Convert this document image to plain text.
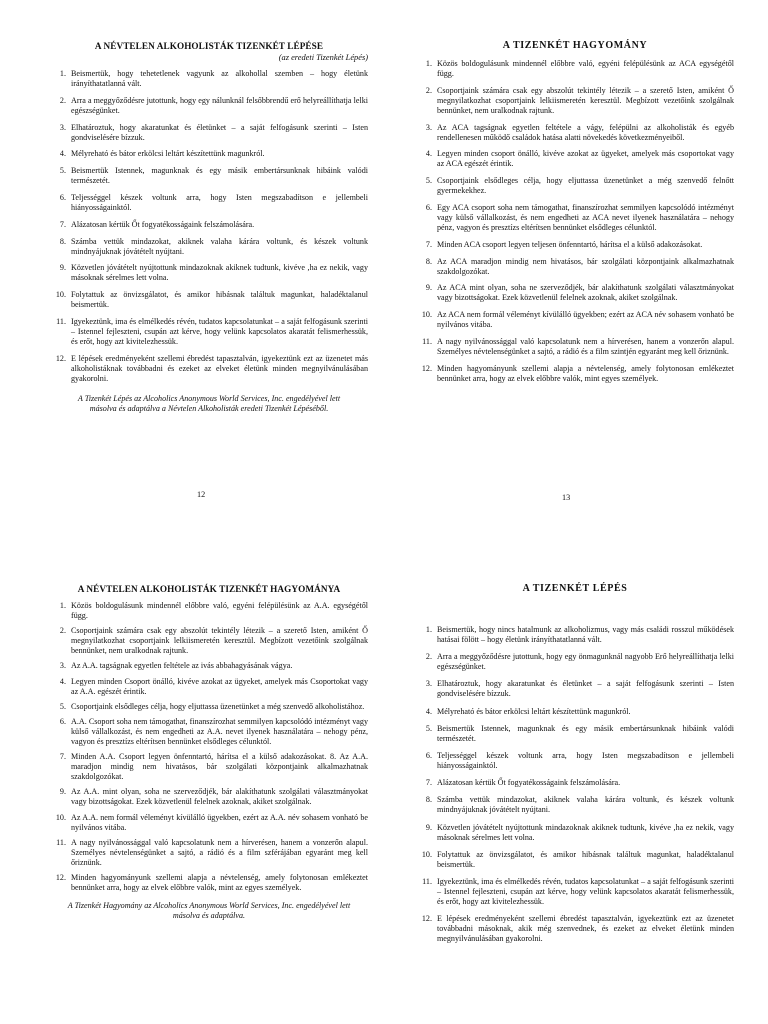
A NÉVTELEN ALKOHOLISTÁK TIZENKÉT LÉPÉSE

(az eredeti Tizenkét Lépés)

1. Beismertük, hogy tehetetlenek vagyunk az alkohollal szemben – hogy életünk irányíthatatlanná vált.
2. Arra a meggyőződésre jutottunk, hogy egy nálunknál felsőbbrendű erő helyreállíthatja lelki egészségünket.
3. Elhatároztuk, hogy akaratunkat és életünket – a saját felfogásunk szerinti – Isten gondviselésére bízzuk.
4. Mélyreható és bátor erkölcsi leltárt készítettünk magunkról.
5. Beismertük Istennek, magunknak és egy másik embertársunknak hibáink valódi természetét.
6. Teljességgel készek voltunk arra, hogy Isten megszabadítson e jellembeli hiányosságainktól.
7. Alázatosan kértük Őt fogyatékosságaink felszámolására.
8. Számba vettük mindazokat, akiknek valaha kárára voltunk, és készek voltunk mindnyájuknak jóvátételt nyújtani.
9. Közvetlen jóvátételt nyújtottunk mindazoknak akiknek tudtunk, kivéve ,ha ez nekik, vagy másoknak sérelmes lett volna.
10. Folytattuk az önvizsgálatot, és amikor hibásnak találtuk magunkat, haladéktalanul beismertük.
11. Igyekeztünk, ima és elmélkedés révén, tudatos kapcsolatunkat – a saját felfogásunk szerinti – Istennel fejleszteni, csupán azt kérve, hogy velünk kapcsolatos akaratát felismerhessük, és erőt, hogy azt kivitelezhessük.
12. E lépések eredményeként szellemi ébredést tapasztalván, igyekeztünk ezt az üzenetet más alkoholistáknak továbbadni és ezeket az elveket életünk minden megnyilvánulásában gyakorolni.

A Tizenkét Lépés az Alcoholics Anonymous World Services, Inc. engedélyével lett másolva és adaptálva a Névtelen Alkoholisták eredeti Tizenkét Lépéséből.

12
A TIZENKÉT HAGYOMÁNY
1. Közös boldogulásunk mindennél előbbre való, egyéni felépülésünk az ACA egységétől függ.
2. Csoportjaink számára csak egy abszolút tekintély létezik – a szerető Isten, amiként Ő megnyilatkozhat csoportjaink lelkiismeretén keresztül. Megbízott vezetőink szolgálnak bennünket, nem uralkodnak rajtunk.
3. Az ACA tagságnak egyetlen feltétele a vágy, felépülni az alkoholisták és egyéb rendellenesen működő családok hatása alatti növekedés következményeiből.
4. Legyen minden csoport önálló, kivéve azokat az ügyeket, amelyek más csoportokat vagy az ACA egészét érintik.
5. Csoportjaink elsődleges célja, hogy eljuttassa üzenetünket a még szenvedő felnőtt gyermekekhez.
6. Egy ACA csoport soha nem támogathat, finanszírozhat semmilyen kapcsolódó intézményt vagy külső vállalkozást, és nem engedheti az ACA nevet ilyenek használatára – nehogy pénz, vagyon és presztízs eltérítsen bennünket elsődleges célunktól.
7. Minden ACA csoport legyen teljesen önfenntartó, hárítsa el a külső adakozásokat.
8. Az ACA maradjon mindig nem hivatásos, bár szolgálati központjaink alkalmazhatnak szakdolgozókat.
9. Az ACA mint olyan, soha ne szerveződjék, bár alakíthatunk szolgálati választmányokat vagy bizottságokat. Ezek közvetlenül felelnek azoknak, akiket szolgálnak.
10. Az ACA nem formál véleményt kívülálló ügyekben; ezért az ACA név sohasem vonható be nyilvános vitába.
11. A nagy nyilvánossággal való kapcsolatunk nem a hírverésen, hanem a vonzerőn alapul. Személyes névtelenségünket a sajtó, a rádió és a film szintjén egyaránt meg kell őriznünk.
12. Minden hagyományunk szellemi alapja a névtelenség, amely folytonosan emlékeztet bennünket arra, hogy az elvek előbbre valók, mint egyes személyek.
13
A NÉVTELEN ALKOHOLISTÁK TIZENKÉT HAGYOMÁNYA
1. Közös boldogulásunk mindennél előbbre való, egyéni felépülésünk az A.A. egységétől függ.
2. Csoportjaink számára csak egy abszolút tekintély létezik – a szerető Isten, amiként Ő megnyilatkozhat csoportjaink lelkiismeretén keresztül. Megbízott vezetőink szolgálnak bennünket, nem uralkodnak rajtunk.
3. Az A.A. tagságnak egyetlen feltétele az ivás abbahagyásának vágya.
4. Legyen minden Csoport önálló, kivéve azokat az ügyeket, amelyek más Csoportokat vagy az A.A. egészét érintik.
5. Csoportjaink elsődleges célja, hogy eljuttassa üzenetünket a még szenvedő alkoholistához.
6. A.A. Csoport soha nem támogathat, finanszírozhat semmilyen kapcsolódó intézményt vagy külső vállalkozást, és nem engedheti az A.A. nevet ilyenek használatára – nehogy pénz, vagyon és presztízs eltérítsen bennünket elsődleges célunktól.
7. Minden A.A. Csoport legyen önfenntartó, hárítsa el a külső adakozásokat. 8. Az A.A. maradjon mindig nem hivatásos, bár szolgálati központjaink alkalmazhatnak szakdolgozókat.
9. Az A.A. mint olyan, soha ne szerveződjék, bár alakíthatunk szolgálati választmányokat vagy bizottságokat. Ezek közvetlenül felelnek azoknak, akiket szolgálnak.
10. Az A.A. nem formál véleményt kívülálló ügyekben, ezért az A.A. név sohasem vonható be nyilvános vitába.
11. A nagy nyilvánossággal való kapcsolatunk nem a hírverésen, hanem a vonzerőn alapul. Személyes névtelenségünket a sajtó, a rádió és a film szférájában egyaránt meg kell őriznünk.
12. Minden hagyományunk szellemi alapja a névtelenség, amely folytonosan emlékeztet bennünket arra, hogy az elvek előbbre valók, mint az egyes személyek.

A Tizenkét Hagyomány az Alcoholics Anonymous World Services, Inc. engedélyével lett másolva és adaptálva.

A TIZENKÉT LÉPÉS
1. Beismertük, hogy nincs hatalmunk az alkoholizmus, vagy más családi rosszul működések hatásai fölött – hogy életünk irányíthatatlanná vált.
2. Arra a meggyőződésre jutottunk, hogy egy önmagunknál nagyobb Erő helyreállíthatja lelki egészségünket.
3. Elhatároztuk, hogy akaratunkat és életünket – a saját felfogásunk szerinti – Isten gondviselésére bízzuk.
4. Mélyreható és bátor erkölcsi leltárt készítettünk magunkról.
5. Beismertük Istennek, magunknak és egy másik embertársunknak hibáink valódi természetét.
6. Teljességgel készek voltunk arra, hogy Isten megszabadítson e jellembeli hiányosságainktól.
7. Alázatosan kértük Őt fogyatékosságaink felszámolására.
8. Számba vettük mindazokat, akiknek valaha kárára voltunk, és készek voltunk mindnyájuknak jóvátételt nyújtani.
9. Közvetlen jóvátételt nyújtottunk mindazoknak akiknek tudtunk, kivéve ,ha ez nekik, vagy másoknak sérelmes lett volna.
10. Folytattuk az önvizsgálatot, és amikor hibásnak találtuk magunkat, haladéktalanul beismertük.
11. Igyekeztünk, ima és elmélkedés révén, tudatos kapcsolatunkat – a saját felfogásunk szerinti – Istennel fejleszteni, csupán azt kérve, hogy velünk kapcsolatos akaratát felismerhessük, és erőt, hogy azt kivitelezhessük.
12. E lépések eredményeként szellemi ébredést tapasztalván, igyekeztünk ezt az üzenetet továbbadni másoknak, akik még szenvednek, és ezeket az elveket életünk minden megnyilvánulásában gyakorolni.
